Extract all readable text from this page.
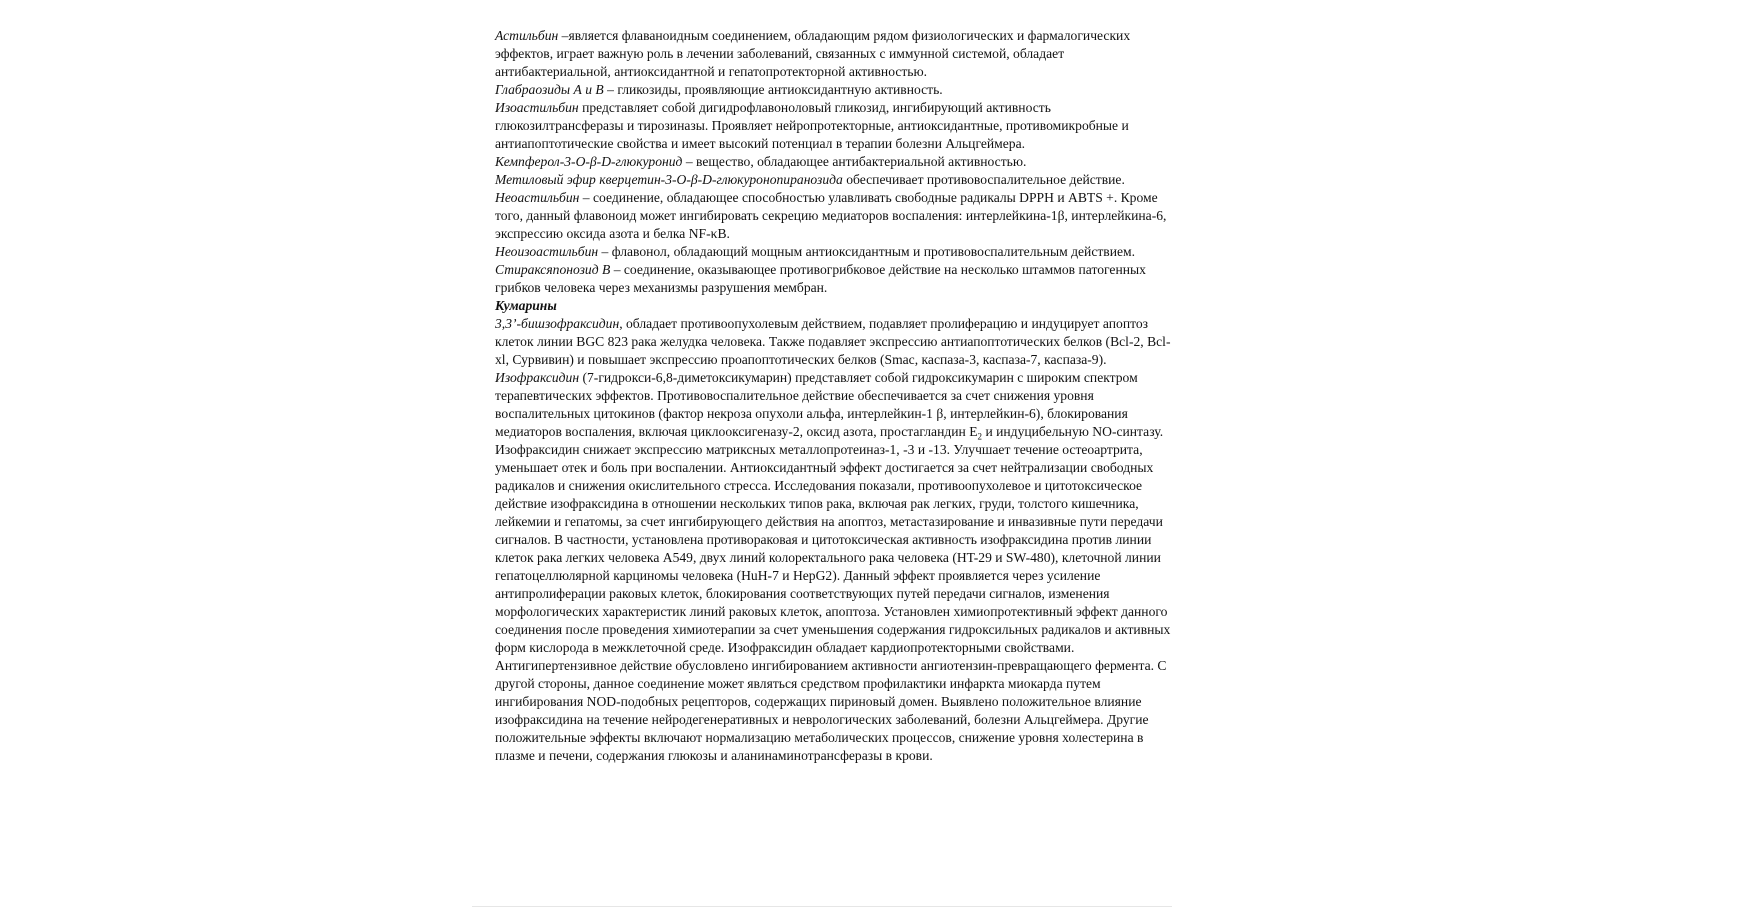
Астильбин –является флаваноидным соединением, обладающим рядом физиологических и фармалогических эффектов, играет важную роль в лечении заболеваний, связанных с иммунной системой, обладает антибактериальной, антиоксидантной и гепатопротекторной активностью.

Глабраозиды А и В – гликозиды, проявляющие антиоксидантную активность.

Изоастильбин представляет собой дигидрофлавоноловый гликозид, ингибирующий активность глюкозилтрансферазы и тирозиназы. Проявляет нейропротекторные, антиоксидантные, противомикробные и антиапоптотические свойства и имеет высокий потенциал в терапии болезни Альцгеймера.

Кемпферол-3-О-β-D-глюкуронид – вещество, обладающее антибактериальной активностью.

Метиловый эфир кверцетин-3-О-β-D-глюкуронопиранозида обеспечивает противовоспалительное действие.

Неоастильбин – соединение, обладающее способностью улавливать свободные радикалы DPPH и ABTS +. Кроме того, данный флавоноид может ингибировать секрецию медиаторов воспаления: интерлейкина-1β, интерлейкина-6, экспрессию оксида азота и белка NF-κB.

Неоизоастильбин – флавонол, обладающий мощным антиоксидантным и противовоспалительным действием.

Стираксяпонозид В – соединение, оказывающее противогрибковое действие на несколько штаммов патогенных грибков человека через механизмы разрушения мембран.

Кумарины

3,3’-бишзофраксидин, обладает противоопухолевым действием, подавляет пролиферацию и индуцирует апоптоз клеток линии BGC 823 рака желудка человека. Также подавляет экспрессию антиапоптотических белков (Bcl-2, Bcl-xl, Сурвивин) и повышает экспрессию проапоптотических белков (Smac, каспаза-3, каспаза-7, каспаза-9).

Изофраксидин (7-гидрокси-6,8-диметоксикумарин) представляет собой гидроксикумарин с широким спектром терапевтических эффектов. Противовоспалительное действие обеспечивается за счет снижения уровня воспалительных цитокинов (фактор некроза опухоли альфа, интерлейкин-1 β, интерлейкин-6), блокирования медиаторов воспаления, включая циклооксигеназу-2, оксид азота, простагландин $E_2$ и индуцибельную NO-синтазу. Изофраксидин снижает экспрессию матриксных металлопротеиназ-1, -3 и -13. Улучшает течение остеоартрита, уменьшает отек и боль при воспалении. Антиоксидантный эффект достигается за счет нейтрализации свободных радикалов и снижения окислительного стресса. Исследования показали, противоопухолевое и цитотоксическое действие изофраксидина в отношении нескольких типов рака, включая рак легких, груди, толстого кишечника, лейкемии и гепатомы, за счет ингибирующего действия на апоптоз, метастазирование и инвазивные пути передачи сигналов. В частности, установлена противораковая и цитотоксическая активность изофраксидина против линии клеток рака легких человека A549, двух линий колоректального рака человека (HT-29 и SW-480), клеточной линии гепатоцеллюлярной карциномы человека (HuH-7 и HepG2). Данный эффект проявляется через усиление антипролиферации раковых клеток, блокирования соответствующих путей передачи сигналов, изменения морфологических характеристик линий раковых клеток, апоптоза. Установлен химиопротективный эффект данного соединения после проведения химиотерапии за счет уменьшения содержания гидроксильных радикалов и активных форм кислорода в межклеточной среде. Изофраксидин обладает кардиопротекторными свойствами. Антигипертензивное действие обусловлено ингибированием активности ангиотензин-превращающего фермента. С другой стороны, данное соединение может являться средством профилактики инфаркта миокарда путем ингибирования NOD-подобных рецепторов, содержащих пириновый домен. Выявлено положительное влияние изофраксидина на течение нейродегенеративных и неврологических заболеваний, болезни Альцгеймера. Другие положительные эффекты включают нормализацию метаболических процессов, снижение уровня холестерина в плазме и печени, содержания глюкозы и аланинаминотрансферазы в крови.
